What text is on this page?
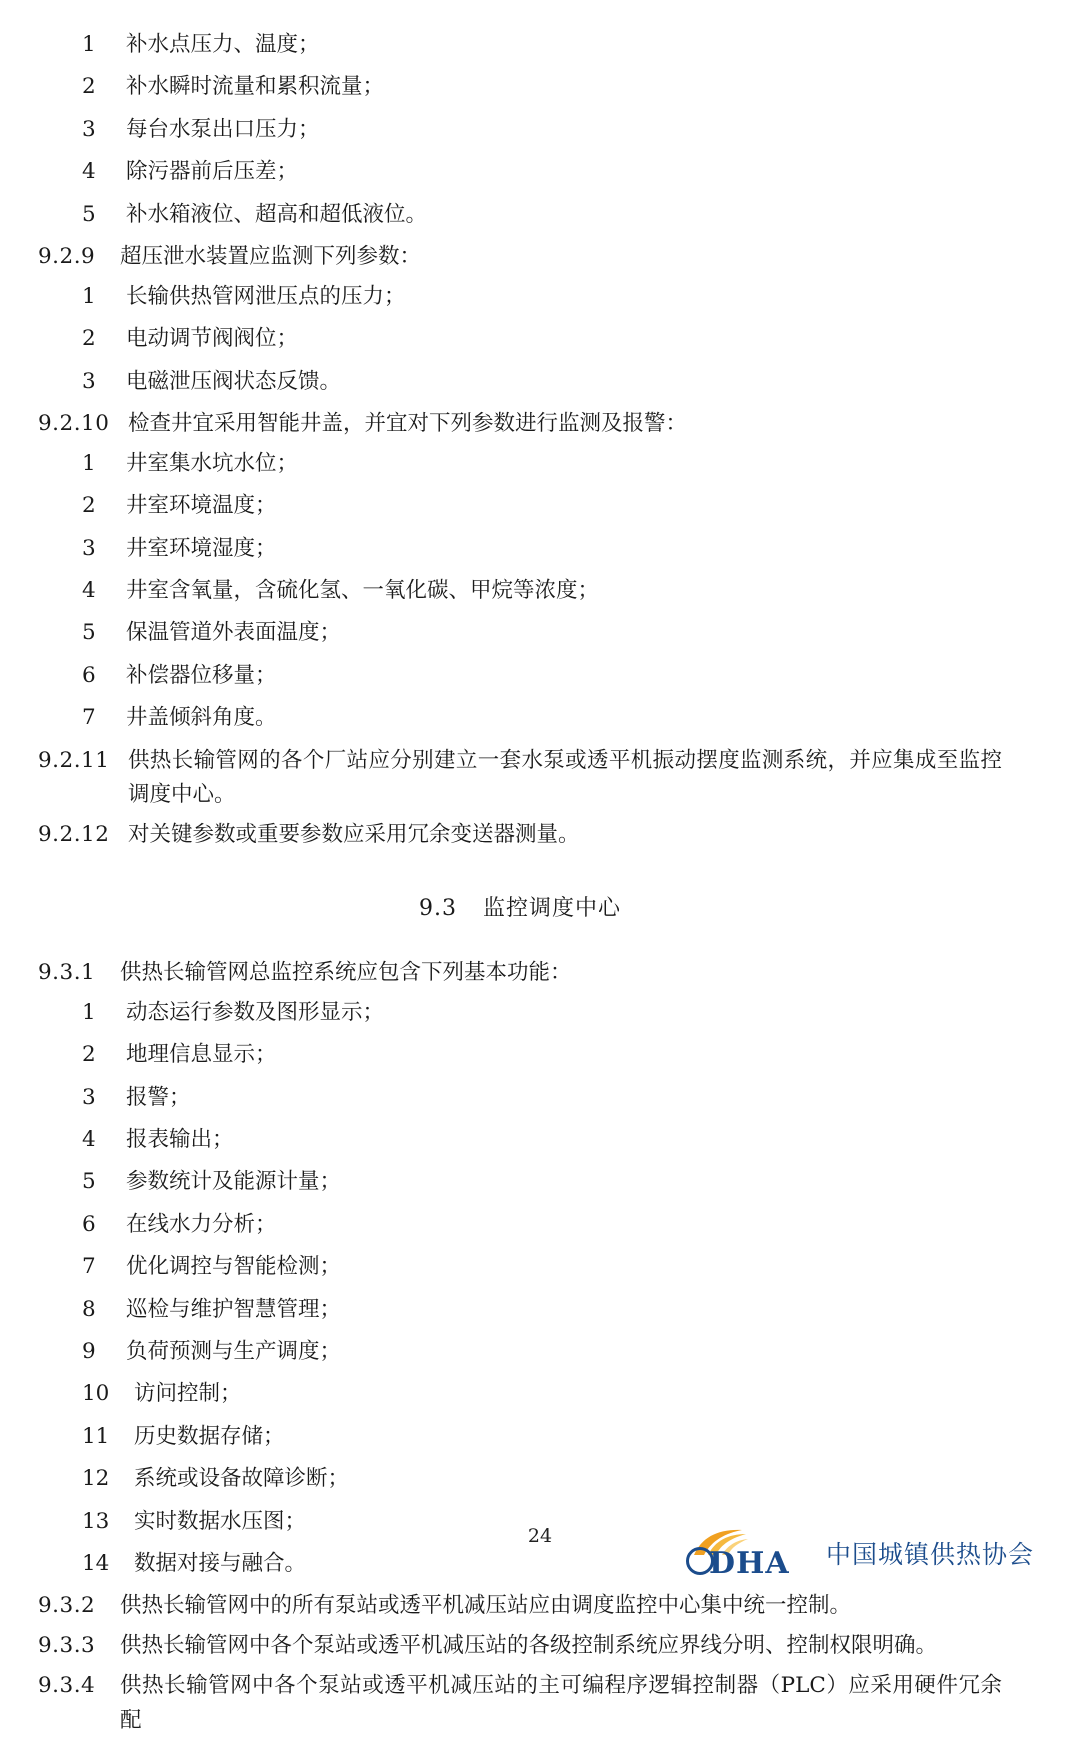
1	补水点压力、温度；
2	补水瞬时流量和累积流量；
3	每台水泵出口压力；
4	除污器前后压差；
5	补水箱液位、超高和超低液位。
9.2.9	超压泄水装置应监测下列参数：
1	长输供热管网泄压点的压力；
2	电动调节阀阀位；
3	电磁泄压阀状态反馈。
9.2.10 检查井宜采用智能井盖，并宜对下列参数进行监测及报警：
1	井室集水坑水位；
2	井室环境温度；
3	井室环境湿度；
4	井室含氧量，含硫化氢、一氧化碳、甲烷等浓度；
5	保温管道外表面温度；
6	补偿器位移量；
7	井盖倾斜角度。
9.2.11 供热长输管网的各个厂站应分别建立一套水泵或透平机振动摆度监测系统，并应集成至监控调度中心。
9.2.12 对关键参数或重要参数应采用冗余变送器测量。
9.3 监控调度中心
9.3.1	供热长输管网总监控系统应包含下列基本功能：
1	动态运行参数及图形显示；
2	地理信息显示；
3	报警；
4	报表输出；
5	参数统计及能源计量；
6	在线水力分析；
7	优化调控与智能检测；
8	巡检与维护智慧管理；
9	负荷预测与生产调度；
10	访问控制；
11	历史数据存储；
12	系统或设备故障诊断；
13	实时数据水压图；
14	数据对接与融合。
9.3.2	供热长输管网中的所有泵站或透平机减压站应由调度监控中心集中统一控制。
9.3.3	供热长输管网中各个泵站或透平机减压站的各级控制系统应界线分明、控制权限明确。
9.3.4	供热长输管网中各个泵站或透平机减压站的主可编程序逻辑控制器（PLC）应采用硬件冗余配
24
DHA 中国城镇供热协会
